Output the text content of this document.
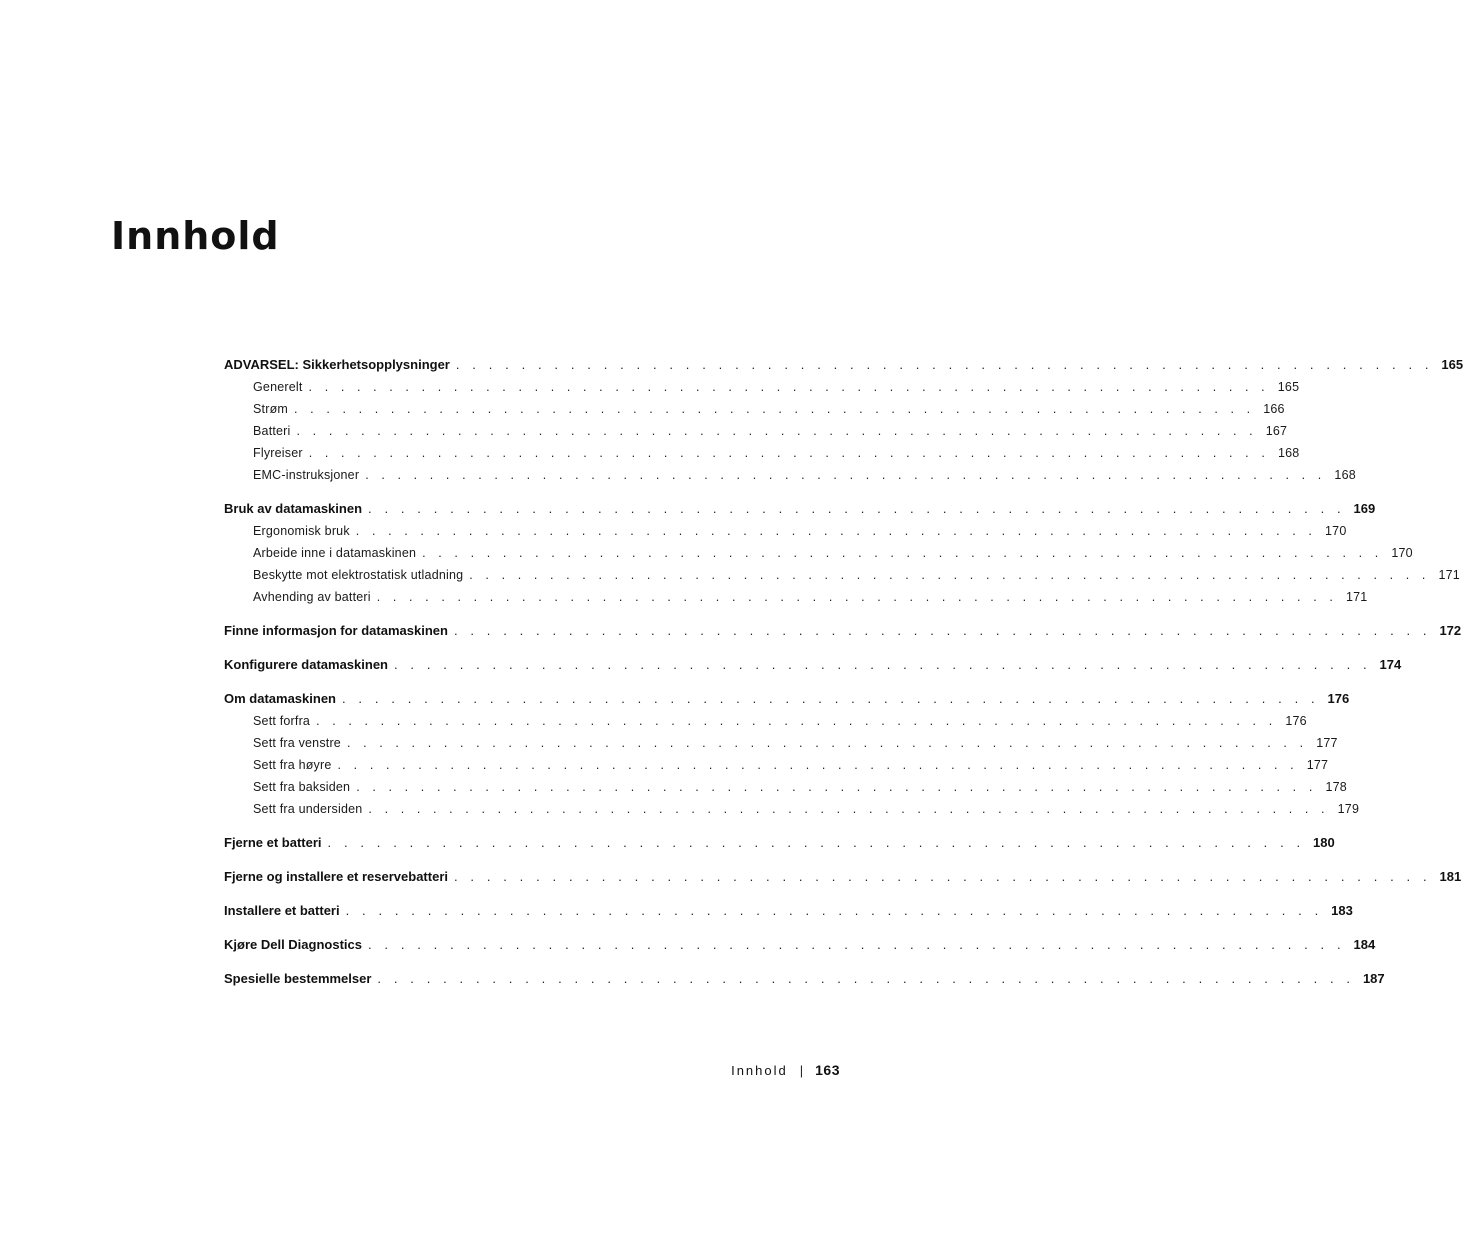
Innhold
ADVARSEL: Sikkerhetsopplysninger . . . . . . . . . . . . . . . . . . . . . . . . . . . . . . . . . . . . . . . . . . . . . . . . . . . . . . . . . . . . 165
Generelt . . . . . . . . . . . . . . . . . . . . . . . . . . . . . . . . . . . . . . . . . . . . . . . . . . . . . . . . . . . . 165
Strøm . . . . . . . . . . . . . . . . . . . . . . . . . . . . . . . . . . . . . . . . . . . . . . . . . . . . . . . . . . . . 166
Batteri . . . . . . . . . . . . . . . . . . . . . . . . . . . . . . . . . . . . . . . . . . . . . . . . . . . . . . . . . . . . 167
Flyreiser . . . . . . . . . . . . . . . . . . . . . . . . . . . . . . . . . . . . . . . . . . . . . . . . . . . . . . . . . . . . 168
EMC-instruksjoner . . . . . . . . . . . . . . . . . . . . . . . . . . . . . . . . . . . . . . . . . . . . . . . . . . . . . . . . . . . . 168
Bruk av datamaskinen . . . . . . . . . . . . . . . . . . . . . . . . . . . . . . . . . . . . . . . . . . . . . . . . . . . . . . . . . . . . 169
Ergonomisk bruk . . . . . . . . . . . . . . . . . . . . . . . . . . . . . . . . . . . . . . . . . . . . . . . . . . . . . . . . . . . . 170
Arbeide inne i datamaskinen . . . . . . . . . . . . . . . . . . . . . . . . . . . . . . . . . . . . . . . . . . . . . . . . . . . . . . . . . . . . 170
Beskytte mot elektrostatisk utladning . . . . . . . . . . . . . . . . . . . . . . . . . . . . . . . . . . . . . . . . . . . . . . . . . . . . . . . . . . . . 171
Avhending av batteri . . . . . . . . . . . . . . . . . . . . . . . . . . . . . . . . . . . . . . . . . . . . . . . . . . . . . . . . . . . . 171
Finne informasjon for datamaskinen . . . . . . . . . . . . . . . . . . . . . . . . . . . . . . . . . . . . . . . . . . . . . . . . . . . . . . . . . . . . 172
Konfigurere datamaskinen . . . . . . . . . . . . . . . . . . . . . . . . . . . . . . . . . . . . . . . . . . . . . . . . . . . . . . . . . . . . 174
Om datamaskinen . . . . . . . . . . . . . . . . . . . . . . . . . . . . . . . . . . . . . . . . . . . . . . . . . . . . . . . . . . . . 176
Sett forfra . . . . . . . . . . . . . . . . . . . . . . . . . . . . . . . . . . . . . . . . . . . . . . . . . . . . . . . . . . . . 176
Sett fra venstre . . . . . . . . . . . . . . . . . . . . . . . . . . . . . . . . . . . . . . . . . . . . . . . . . . . . . . . . . . . . 177
Sett fra høyre . . . . . . . . . . . . . . . . . . . . . . . . . . . . . . . . . . . . . . . . . . . . . . . . . . . . . . . . . . . . 177
Sett fra baksiden . . . . . . . . . . . . . . . . . . . . . . . . . . . . . . . . . . . . . . . . . . . . . . . . . . . . . . . . . . . . 178
Sett fra undersiden . . . . . . . . . . . . . . . . . . . . . . . . . . . . . . . . . . . . . . . . . . . . . . . . . . . . . . . . . . . . 179
Fjerne et batteri . . . . . . . . . . . . . . . . . . . . . . . . . . . . . . . . . . . . . . . . . . . . . . . . . . . . . . . . . . . . 180
Fjerne og installere et reservebatteri . . . . . . . . . . . . . . . . . . . . . . . . . . . . . . . . . . . . . . . . . . . . . . . . . . . . . . . . . . . . 181
Installere et batteri . . . . . . . . . . . . . . . . . . . . . . . . . . . . . . . . . . . . . . . . . . . . . . . . . . . . . . . . . . . . 183
Kjøre Dell Diagnostics . . . . . . . . . . . . . . . . . . . . . . . . . . . . . . . . . . . . . . . . . . . . . . . . . . . . . . . . . . . . 184
Spesielle bestemmelser . . . . . . . . . . . . . . . . . . . . . . . . . . . . . . . . . . . . . . . . . . . . . . . . . . . . . . . . . . . . 187
Innhold | 163
